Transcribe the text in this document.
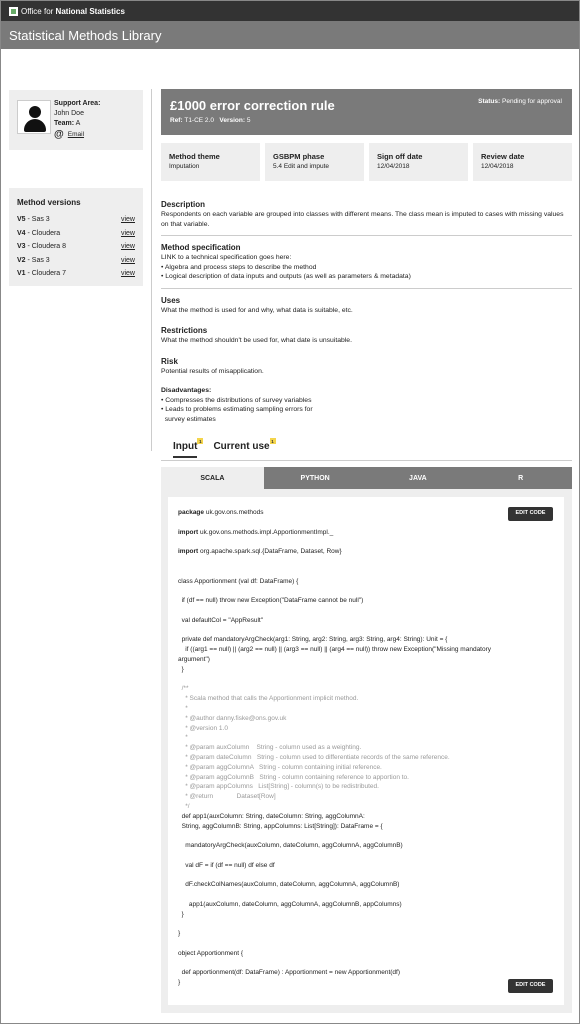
Office for
National Statistics
Statistical Methods Library
Support Area:
John Doe
Team: A
@ Email
Method versions
V5 - Sas 3	view
V4 - Cloudera	view
V3 - Cloudera 8	view
V2 - Sas 3	view
V1 - Cloudera 7	view
£1000 error correction rule
Ref: T1-CE 2.0 Version: 5
Status: Pending for approval
Method theme
Imputation
GSBPM phase
5.4 Edit and impute
Sign off date
12/04/2018
Review date
12/04/2018
Description
Respondents on each variable are grouped into classes with different means. The class mean is imputed to cases with missing values on that variable.
Method specification
LINK to a technical specification goes here:
• Algebra and process steps to describe the method
• Logical description of data inputs and outputs (as well as parameters & metadata)
Uses
What the method is used for and why, what data is suitable, etc.
Restrictions
What the method shouldn't be used for, what date is unsuitable.
Risk
Potential results of misapplication.
Disadvantages:
• Compresses the distributions of survey variables
• Leads to problems estimating sampling errors for
survey estimates
Input 1 Current use 1
SCALA	PYTHON	JAVA	R
EDIT CODE
package uk.gov.ons.methods
import uk.gov.ons.methods.impl.ApportionmentImpl._
import org.apache.spark.sql.{DataFrame, Dataset, Row}
class Apportionment (val df: DataFrame) {
if (df == null) throw new Exception("DataFrame cannot be null")
val defaultCol = "AppResult"
private def mandatoryArgCheck(arg1: String, arg2: String, arg3: String, arg4: String): Unit = {
if ((arg1 == null) || (arg2 == null) || (arg3 == null) || (arg4 == null)) throw new Exception("Missing mandatory
argument")
}
/**
* Scala method that calls the Apportionment implicit method.
*
* @author danny.fiske@ons.gov.uk
* @version 1.0
*
* @param auxColumn    String - column used as a weighting.
* @param dateColumn   String - column used to differentiate records of the same reference.
* @param aggColumnA   String - column containing initial reference.
* @param aggColumnB   String - column containing reference to apportion to.
* @param appColumns   List[String] - column(s) to be redistributed.
* @return             Dataset[Row]
*/
def app1(auxColumn: String, dateColumn: String, aggColumnA:
String, aggColumnB: String, appColumns: List[String]): DataFrame = {
mandatoryArgCheck(auxColumn, dateColumn, aggColumnA, aggColumnB)
val dF = if (df == null) df else df
dF.checkColNames(auxColumn, dateColumn, aggColumnA, aggColumnB)
app1(auxColumn, dateColumn, aggColumnA, aggColumnB, appColumns)
}
}
object Apportionment {
def apportionment(df: DataFrame) : Apportionment = new Apportionment(df)
}	EDIT CODE
